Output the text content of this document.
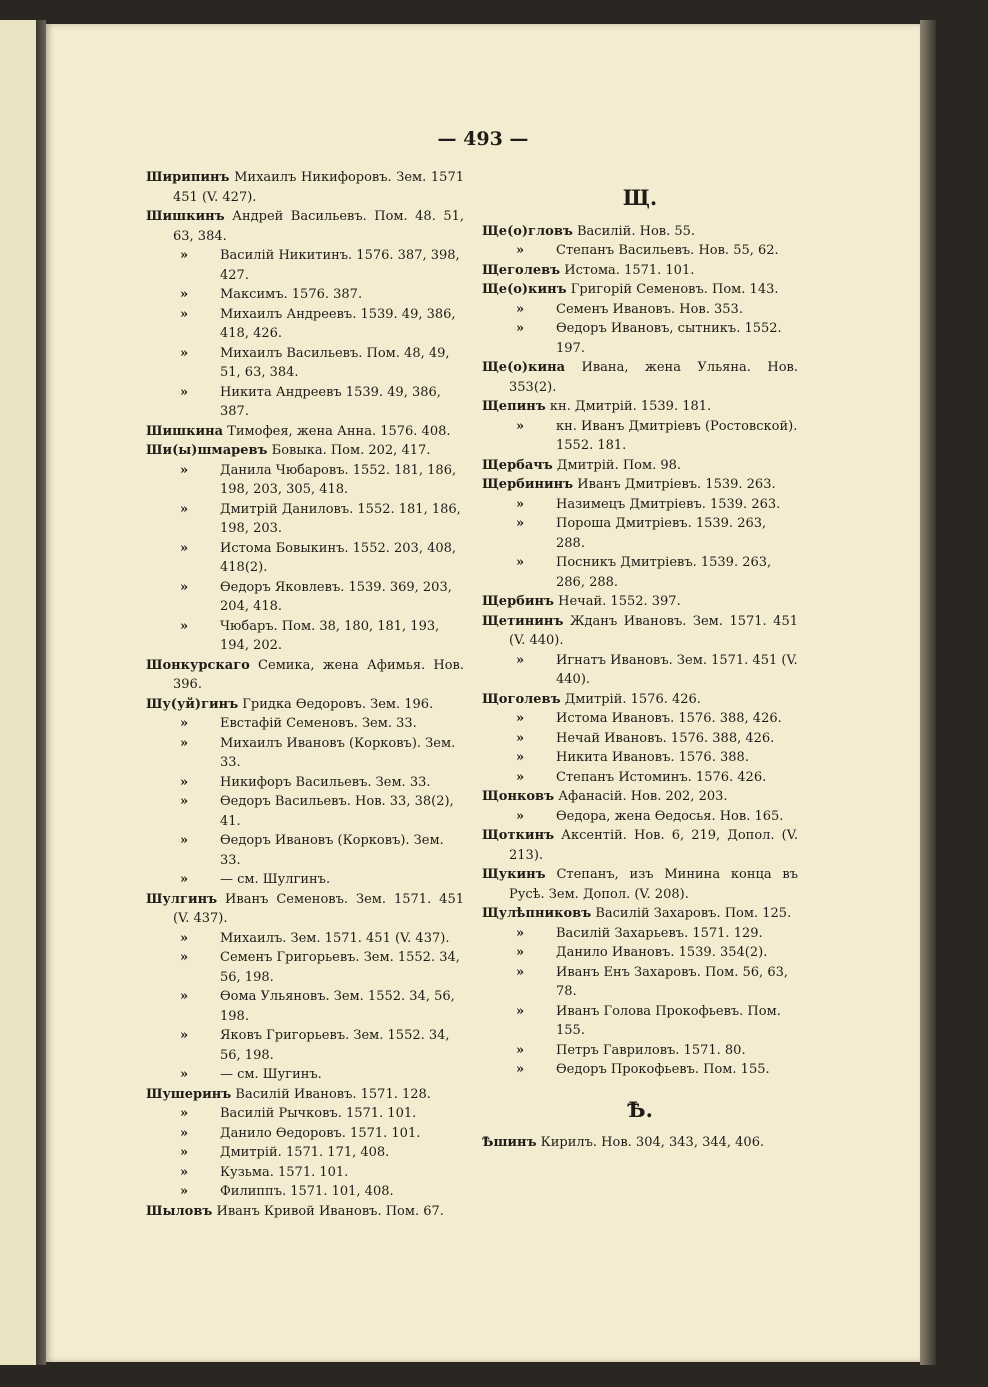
— 493 —
Ширипинъ Михаилъ Никифоровъ. Зем. 1571 451 (V. 427).
Шишкинъ Андрей Васильевъ. Пом. 48. 51, 63, 384.
» Василій Никитинъ. 1576. 387, 398, 427.
» Максимъ. 1576. 387.
» Михаилъ Андреевъ. 1539. 49, 386, 418, 426.
» Михаилъ Васильевъ. Пом. 48, 49, 51, 63, 384.
» Никита Андреевъ 1539. 49, 386, 387.
Шишкина Тимофея, жена Анна. 1576. 408.
Ши(ы)шмаревъ Бовыка. Пом. 202, 417.
» Данила Чюбаровъ. 1552. 181, 186, 198, 203, 305, 418.
» Дмитрій Даниловъ. 1552. 181, 186, 198, 203.
» Истома Бовыкинъ. 1552. 203, 408, 418(2).
» Ѳедоръ Яковлевъ. 1539. 369, 203, 204, 418.
» Чюбаръ. Пом. 38, 180, 181, 193, 194, 202.
Шонкурскаго Семика, жена Афимья. Нов. 396.
Шу(уй)гинъ Гридка Ѳедоровъ. Зем. 196.
» Евстафій Семеновъ. Зем. 33.
» Михаилъ Ивановъ (Корковъ). Зем. 33.
» Никифоръ Васильевъ. Зем. 33.
» Ѳедоръ Васильевъ. Нов. 33, 38(2), 41.
» Ѳедоръ Ивановъ (Корковъ). Зем. 33.
» — см. Шулгинъ.
Шулгинъ Иванъ Семеновъ. Зем. 1571. 451 (V. 437).
» Михаилъ. Зем. 1571. 451 (V. 437).
» Семенъ Григорьевъ. Зем. 1552. 34, 56, 198.
» Ѳома Ульяновъ. Зем. 1552. 34, 56, 198.
» Яковъ Григорьевъ. Зем. 1552. 34, 56, 198.
» — см. Шугинъ.
Шушеринъ Василій Ивановъ. 1571. 128.
» Василій Рычковъ. 1571. 101.
» Данило Ѳедоровъ. 1571. 101.
» Дмитрій. 1571. 171, 408.
» Кузьма. 1571. 101.
» Филиппъ. 1571. 101, 408.
Шыловъ Иванъ Кривой Ивановъ. Пом. 67.
Щ.
Ще(о)гловъ Василій. Нов. 55.
» Степанъ Васильевъ. Нов. 55, 62.
Щеголевъ Истома. 1571. 101.
Ще(о)кинъ Григорій Семеновъ. Пом. 143.
» Семенъ Ивановъ. Нов. 353.
» Ѳедоръ Ивановъ, сытникъ. 1552. 197.
Ще(о)кина Ивана, жена Ульяна. Нов. 353(2).
Щепинъ кн. Дмитрій. 1539. 181.
» кн. Иванъ Дмитріевъ (Ростовской). 1552. 181.
Щербачъ Дмитрій. Пом. 98.
Щербининъ Иванъ Дмитріевъ. 1539. 263.
» Назимецъ Дмитріевъ. 1539. 263.
» Пороша Дмитріевъ. 1539. 263, 288.
» Посникъ Дмитріевъ. 1539. 263, 286, 288.
Щербинъ Нечай. 1552. 397.
Щетининъ Жданъ Ивановъ. Зем. 1571. 451 (V. 440).
» Игнатъ Ивановъ. Зем. 1571. 451 (V. 440).
Щоголевъ Дмитрій. 1576. 426.
» Истома Ивановъ. 1576. 388, 426.
» Нечай Ивановъ. 1576. 388, 426.
» Никита Ивановъ. 1576. 388.
» Степанъ Истоминъ. 1576. 426.
Щонковъ Афанасій. Нов. 202, 203.
» Ѳедора, жена Ѳедосья. Нов. 165.
Щоткинъ Аксентій. Нов. 6, 219, Допол. (V. 213).
Щукинъ Степанъ, изъ Минина конца въ Русѣ. Зем. Допол. (V. 208).
Щулѣпниковъ Василій Захаровъ. Пом. 125.
» Василій Захарьевъ. 1571. 129.
» Данило Ивановъ. 1539. 354(2).
» Иванъ Енъ Захаровъ. Пом. 56, 63, 78.
» Иванъ Голова Прокофьевъ. Пом. 155.
» Петръ Гавриловъ. 1571. 80.
» Ѳедоръ Прокофьевъ. Пом. 155.
Ѣ.
Ѣшинъ Кирилъ. Нов. 304, 343, 344, 406.
